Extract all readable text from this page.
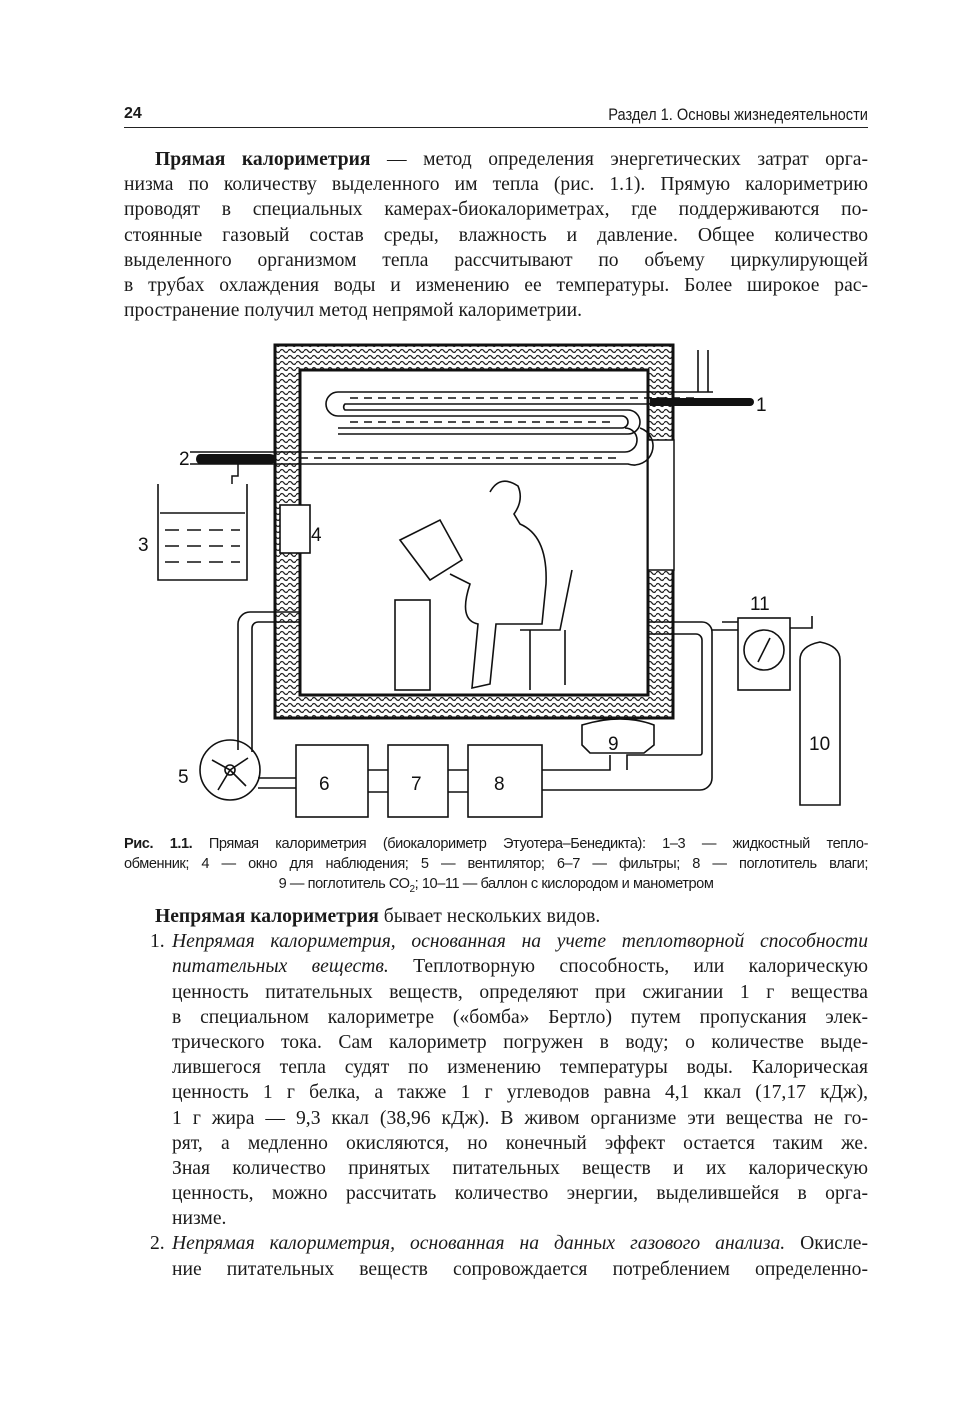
24	Раздел 1. Основы жизнедеятельности
Прямая калориметрия — метод определения энергетических затрат орга-
низма по количеству выделенного им тепла (рис. 1.1). Прямую калориметрию
проводят в специальных камерах-биокалориметрах, где поддерживаются по-
стоянные газовый состав среды, влажность и давление. Общее количество
выделенного организмом тепла рассчитывают по объему циркулирующей
в трубах охлаждения воды и изменению ее температуры. Более широкое рас-
пространение получил метод непрямой калориметрии.
1
2
3	4
5	6	7	8
9	10
11
Рис. 1.1. Прямая калориметрия (биокалориметр Этуотера–Бенедикта): 1–3 — жидкостный тепло-
обменник; 4 — окно для наблюдения; 5 — вентилятор; 6–7 — фильтры; 8 — поглотитель влаги;
9 — поглотитель $СО_2$; 10–11 — баллон с кислородом и манометром
Непрямая калориметрия бывает нескольких видов.
1. Непрямая калориметрия, основанная на учете теплотворной способности
питательных веществ. Теплотворную способность, или калорическую
ценность питательных веществ, определяют при сжигании 1 г вещества
в специальном калориметре («бомба» Бертло) путем пропускания элек-
трического тока. Сам калориметр погружен в воду; о количестве выде-
лившегося тепла судят по изменению температуры воды. Калорическая
ценность 1 г белка, а также 1 г углеводов равна 4,1 ккал (17,17 кДж),
1 г жира — 9,3 ккал (38,96 кДж). В живом организме эти вещества не го-
рят, а медленно окисляются, но конечный эффект остается таким же.
Зная количество принятых питательных веществ и их калорическую
ценность, можно рассчитать количество энергии, выделившейся в орга-
низме.
2. Непрямая калориметрия, основанная на данных газового анализа. Окисле-
ние питательных веществ сопровождается потреблением определенно-
